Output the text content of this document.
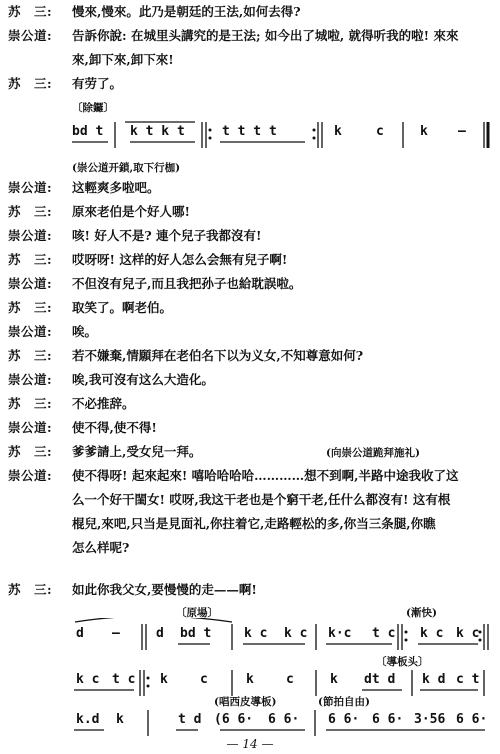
苏　三: 慢來,慢來。此乃是朝廷的王法,如何去得?
崇公道: 告訴你說: 在城里头講究的是王法; 如今出了城啦, 就得听我的啦! 來來
來,卸下來,卸下來!
苏　三: 有劳了。
崇公道: 这輕爽多啦吧。
苏　三: 原來老伯是个好人哪!
崇公道: 咳! 好人不是? 連个兒子我都沒有!
苏　三: 哎呀呀! 这样的好人怎么会無有兒子啊!
崇公道: 不但沒有兒子,而且我把孙子也給耽誤啦。
苏　三: 取笑了。啊老伯。
崇公道: 唉。
苏　三: 若不嫌棄,情願拜在老伯名下以为义女,不知尊意如何?
崇公道: 唉,我可沒有这么大造化。
苏　三: 不必推辞。
崇公道: 使不得,使不得!
苏　三: 爹爹請上,受女兒一拜。	(向崇公道跪拜施礼)
崇公道: 使不得呀! 起來起來! 嘻哈哈哈哈…………想不到啊,半路中途我收了这
么一个好干閨女! 哎呀,我这干老也是个窮干老,任什么都沒有! 这有根
棍兒,來吧,只当是見面礼,你拄着它,走路輕松的多,你当三条腿,你瞧
怎么样呢?
苏　三: 如此你我父女,要慢慢的走——啊!
〔除鑼〕
bd t k t k t	t t t t	k	c	k —
(崇公道开鎖,取下行枷)
〔原場〕	(漸快)
d —	d bd t	k c k c k·c t c k c k c
〔導板头〕
k c t c k c	k c	k dt d k d c t
(唱西皮導板)	(節拍自由)
k.d k	t d (6 6· 6 6· 6 6· 6 6· 3·56 6 6·
— 14 —
